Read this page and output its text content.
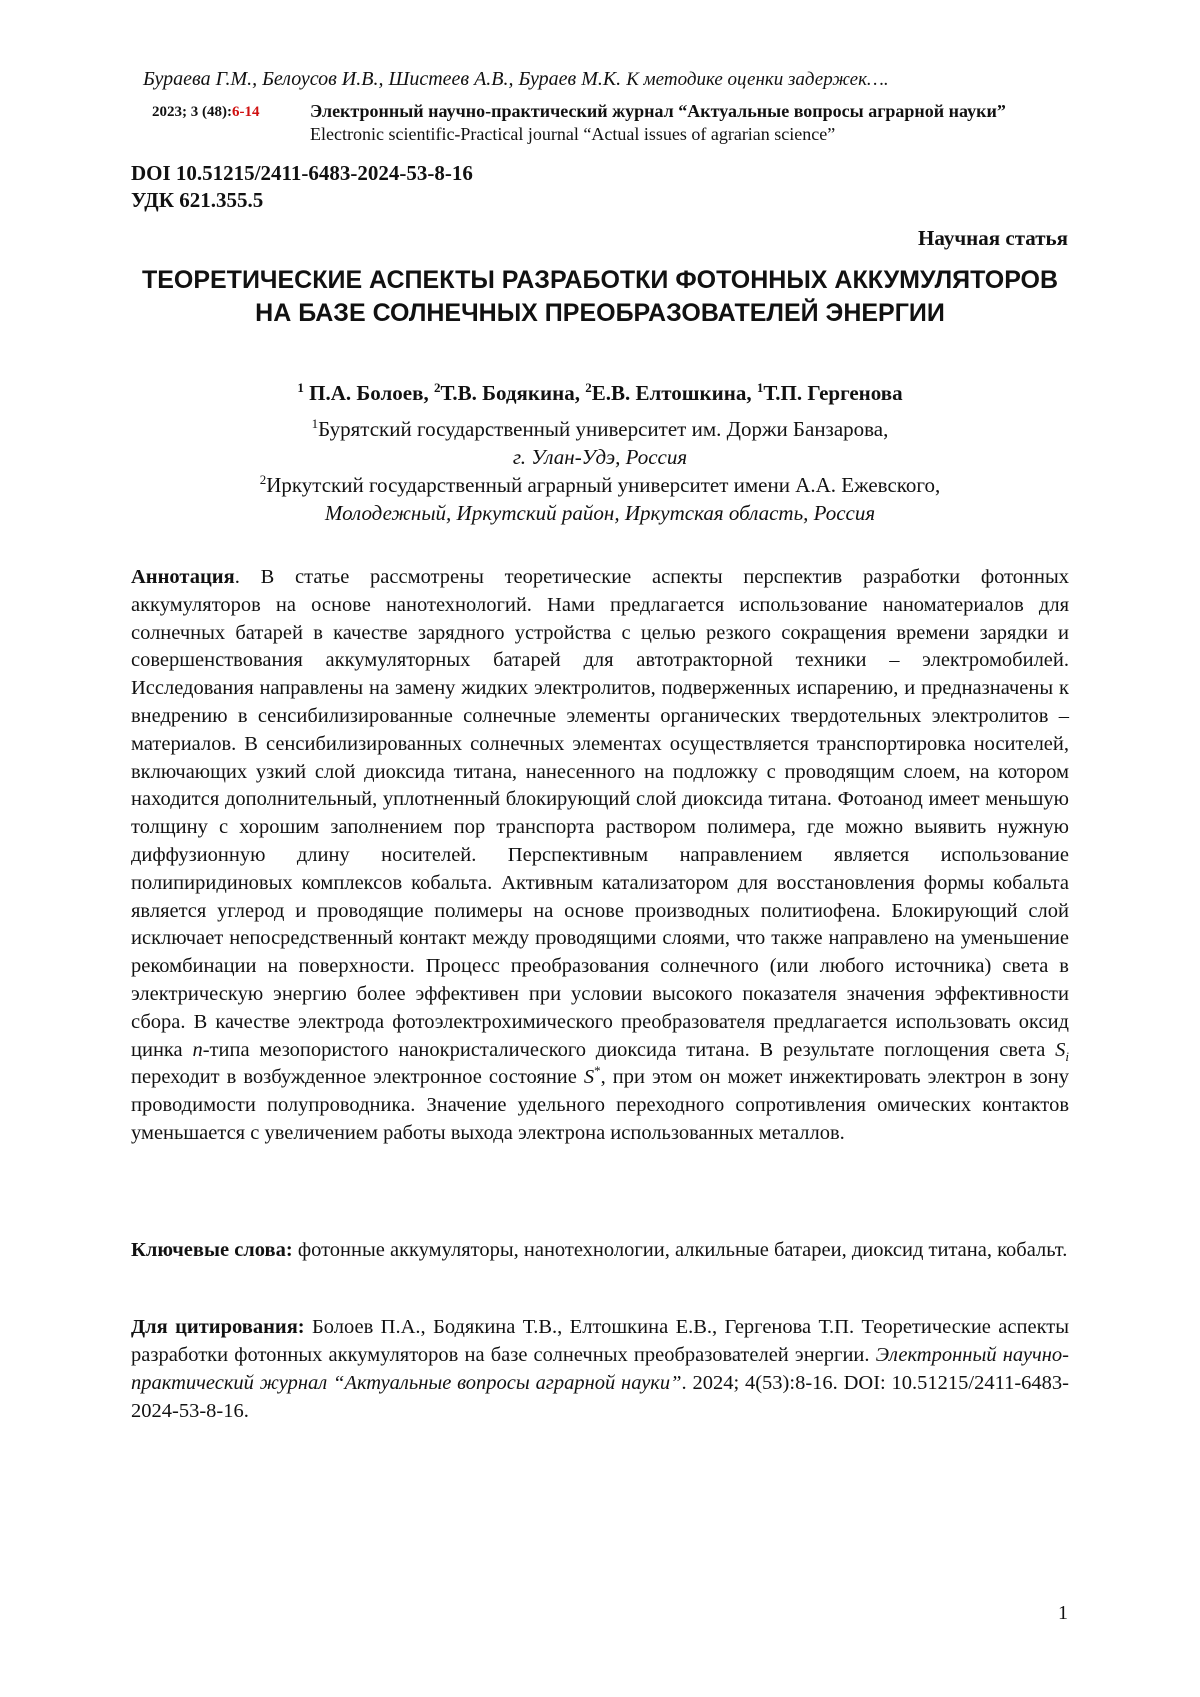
Бураева Г.М., Белоусов И.В., Шистеев А.В., Бураев М.К. К методике оценки задержек….
2023; 3 (48):6-14	Электронный научно-практический журнал “Актуальные вопросы аграрной науки”
Electronic scientific-Practical journal “Actual issues of agrarian science”
DOI 10.51215/2411-6483-2024-53-8-16
УДК 621.355.5
Научная статья
ТЕОРЕТИЧЕСКИЕ АСПЕКТЫ РАЗРАБОТКИ ФОТОННЫХ АККУМУЛЯТОРОВ НА БАЗЕ СОЛНЕЧНЫХ ПРЕОБРАЗОВАТЕЛЕЙ ЭНЕРГИИ
$^1$ П.А. Болоев, $^2$Т.В. Бодякина, $^2$Е.В. Елтошкина, $^1$Т.П. Гергенова
$^1$Бурятский государственный университет им. Доржи Банзарова,
г. Улан-Удэ, Россия
$^2$Иркутский государственный аграрный университет имени А.А. Ежевского,
Молодежный, Иркутский район, Иркутская область, Россия
Аннотация. В статье рассмотрены теоретические аспекты перспектив разработки фотонных аккумуляторов на основе нанотехнологий. Нами предлагается использование наноматериалов для солнечных батарей в качестве зарядного устройства с целью резкого сокращения времени зарядки и совершенствования аккумуляторных батарей для автотракторной техники – электромобилей. Исследования направлены на замену жидких электролитов, подверженных испарению, и предназначены к внедрению в сенсибилизированные солнечные элементы органических твердотельных электролитов – материалов. В сенсибилизированных солнечных элементах осуществляется транспортировка носителей, включающих узкий слой диоксида титана, нанесенного на подложку с проводящим слоем, на котором находится дополнительный, уплотненный блокирующий слой диоксида титана. Фотоанод имеет меньшую толщину с хорошим заполнением пор транспорта раствором полимера, где можно выявить нужную диффузионную длину носителей. Перспективным направлением является использование полипиридиновых комплексов кобальта. Активным катализатором для восстановления формы кобальта является углерод и проводящие полимеры на основе производных политиофена. Блокирующий слой исключает непосредственный контакт между проводящими слоями, что также направлено на уменьшение рекомбинации на поверхности. Процесс преобразования солнечного (или любого источника) света в электрическую энергию более эффективен при условии высокого показателя значения эффективности сбора. В качестве электрода фотоэлектрохимического преобразователя предлагается использовать оксид цинка n-типа мезопористого нанокристалического диоксида титана. В результате поглощения света $S_i$ переходит в возбужденное электронное состояние S*, при этом он может инжектировать электрон в зону проводимости полупроводника. Значение удельного переходного сопротивления омических контактов уменьшается с увеличением работы выхода электрона использованных металлов.
Ключевые слова: фотонные аккумуляторы, нанотехнологии, алкильные батареи, диоксид титана, кобальт.
Для цитирования: Болоев П.А., Бодякина Т.В., Елтошкина Е.В., Гергенова Т.П. Теоретические аспекты разработки фотонных аккумуляторов на базе солнечных преобразователей энергии. Электронный научно-практический журнал “Актуальные вопросы аграрной науки”. 2024; 4(53):8-16. DOI: 10.51215/2411-6483-2024-53-8-16.
1
